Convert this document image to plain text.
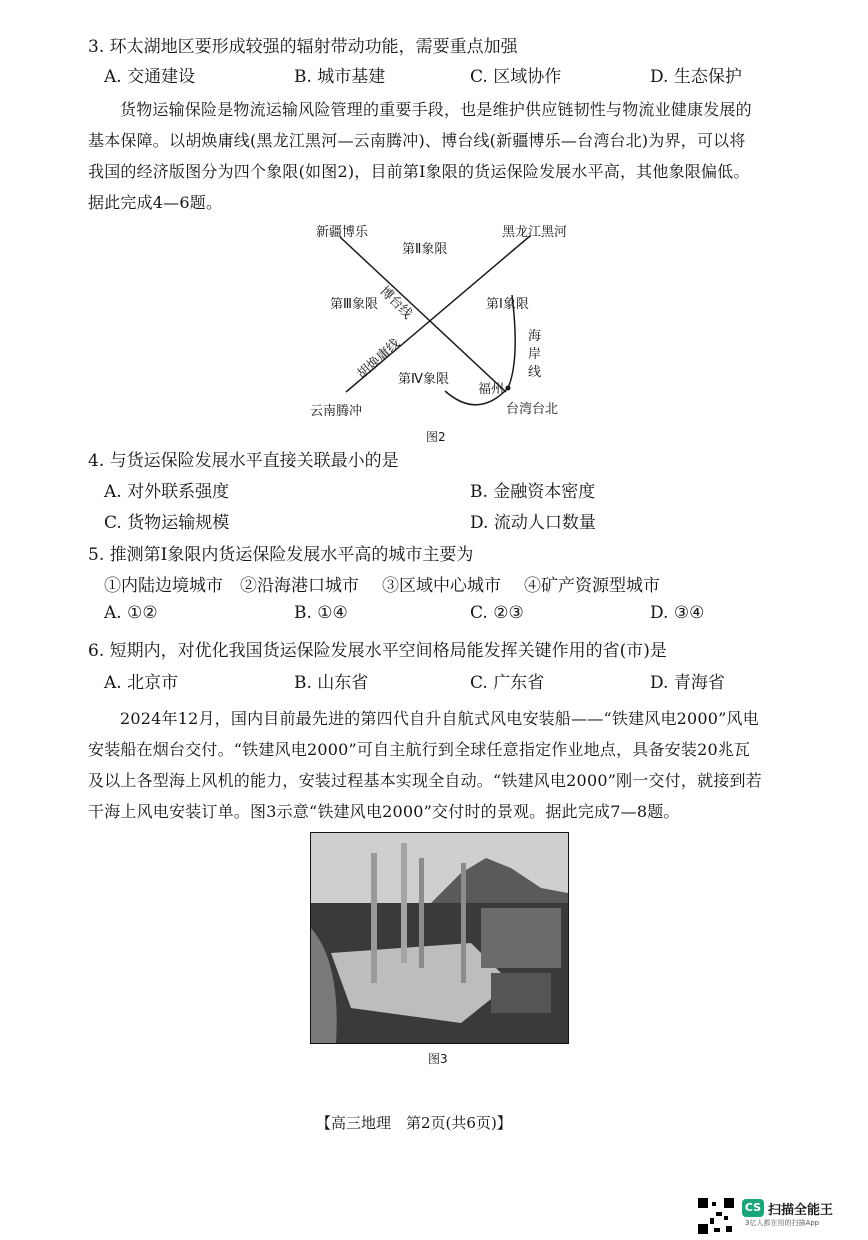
3. 环太湖地区要形成较强的辐射带动功能，需要重点加强
A. 交通建设	B. 城市基建	C. 区域协作	D. 生态保护
货物运输保险是物流运输风险管理的重要手段，也是维护供应链韧性与物流业健康发展的
基本保障。以胡焕庸线(黑龙江黑河—云南腾冲)、博台线(新疆博乐—台湾台北)为界，可以将
我国的经济版图分为四个象限(如图2)，目前第Ⅰ象限的货运保险发展水平高，其他象限偏低。
据此完成4—6题。
新疆博乐	黑龙江黑河
第Ⅱ象限
第Ⅲ象限	第Ⅰ象限
第Ⅳ象限
博台线
胡焕庸线	海
岸
线
福州
云南腾冲	台湾台北
图2
4. 与货运保险发展水平直接关联最小的是
A. 对外联系强度	B. 金融资本密度
C. 货物运输规模	D. 流动人口数量
5. 推测第Ⅰ象限内货运保险发展水平高的城市主要为
①内陆边境城市 ②沿海港口城市 ③区域中心城市 ④矿产资源型城市
A. ①②	B. ①④	C. ②③	D. ③④
6. 短期内，对优化我国货运保险发展水平空间格局能发挥关键作用的省(市)是
A. 北京市	B. 山东省	C. 广东省	D. 青海省
2024年12月，国内目前最先进的第四代自升自航式风电安装船——“铁建风电2000”风电
安装船在烟台交付。“铁建风电2000”可自主航行到全球任意指定作业地点，具备安装20兆瓦
及以上各型海上风机的能力，安装过程基本实现全自动。“铁建风电2000”刚一交付，就接到若
干海上风电安装订单。图3示意“铁建风电2000”交付时的景观。据此完成7—8题。
图3
【高三地理　第2页(共6页)】
CS 扫描全能王
3亿人都在用的扫描App
